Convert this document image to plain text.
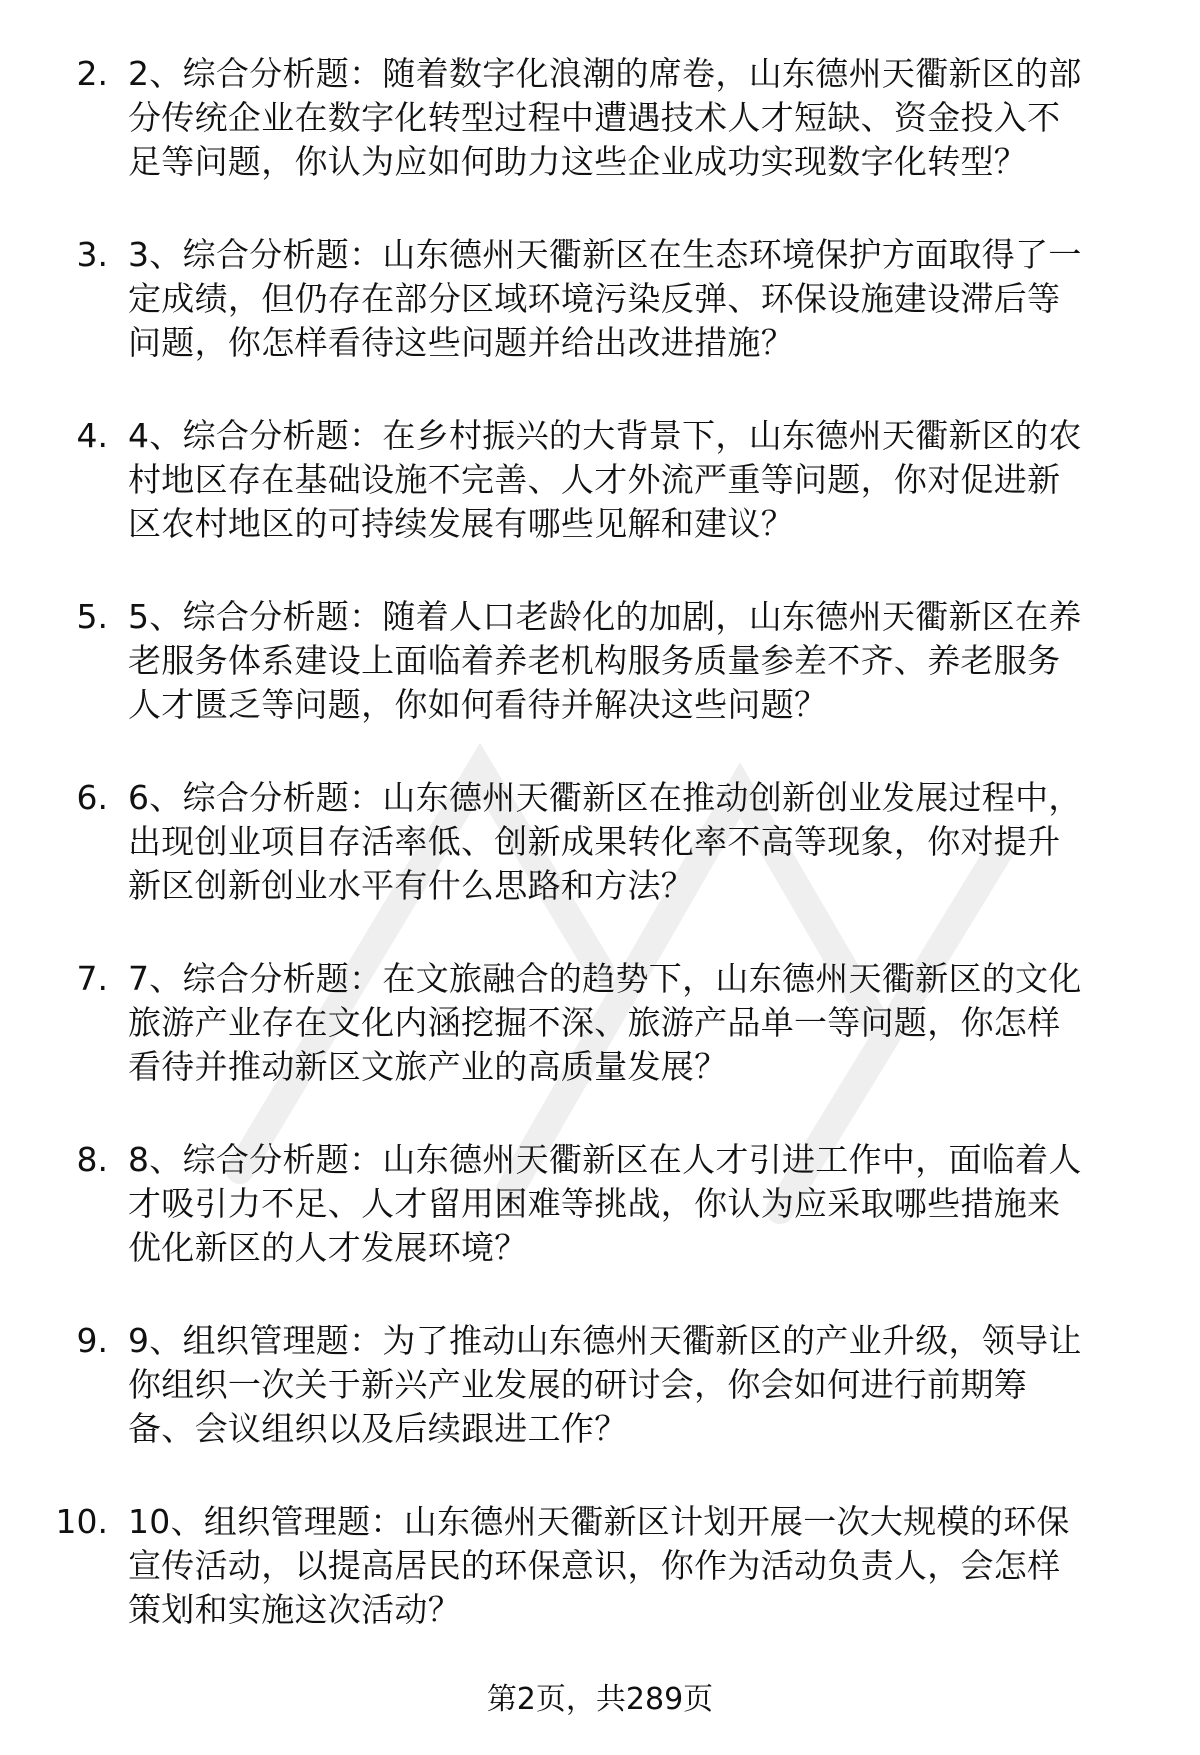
2. 2、综合分析题：随着数字化浪潮的席卷，山东德州天衢新区的部
分传统企业在数字化转型过程中遭遇技术人才短缺、资金投入不
足等问题，你认为应如何助力这些企业成功实现数字化转型？
3. 3、综合分析题：山东德州天衢新区在生态环境保护方面取得了一
定成绩，但仍存在部分区域环境污染反弹、环保设施建设滞后等
问题，你怎样看待这些问题并给出改进措施？
4. 4、综合分析题：在乡村振兴的大背景下，山东德州天衢新区的农
村地区存在基础设施不完善、人才外流严重等问题，你对促进新
区农村地区的可持续发展有哪些见解和建议？
5. 5、综合分析题：随着人口老龄化的加剧，山东德州天衢新区在养
老服务体系建设上面临着养老机构服务质量参差不齐、养老服务
人才匮乏等问题，你如何看待并解决这些问题？
6. 6、综合分析题：山东德州天衢新区在推动创新创业发展过程中，
出现创业项目存活率低、创新成果转化率不高等现象，你对提升
新区创新创业水平有什么思路和方法？
7. 7、综合分析题：在文旅融合的趋势下，山东德州天衢新区的文化
旅游产业存在文化内涵挖掘不深、旅游产品单一等问题，你怎样
看待并推动新区文旅产业的高质量发展？
8. 8、综合分析题：山东德州天衢新区在人才引进工作中，面临着人
才吸引力不足、人才留用困难等挑战，你认为应采取哪些措施来
优化新区的人才发展环境？
9. 9、组织管理题：为了推动山东德州天衢新区的产业升级，领导让
你组织一次关于新兴产业发展的研讨会，你会如何进行前期筹
备、会议组织以及后续跟进工作？
10. 10、组织管理题：山东德州天衢新区计划开展一次大规模的环保
宣传活动，以提高居民的环保意识，你作为活动负责人，会怎样
策划和实施这次活动？
第2页，共289页
